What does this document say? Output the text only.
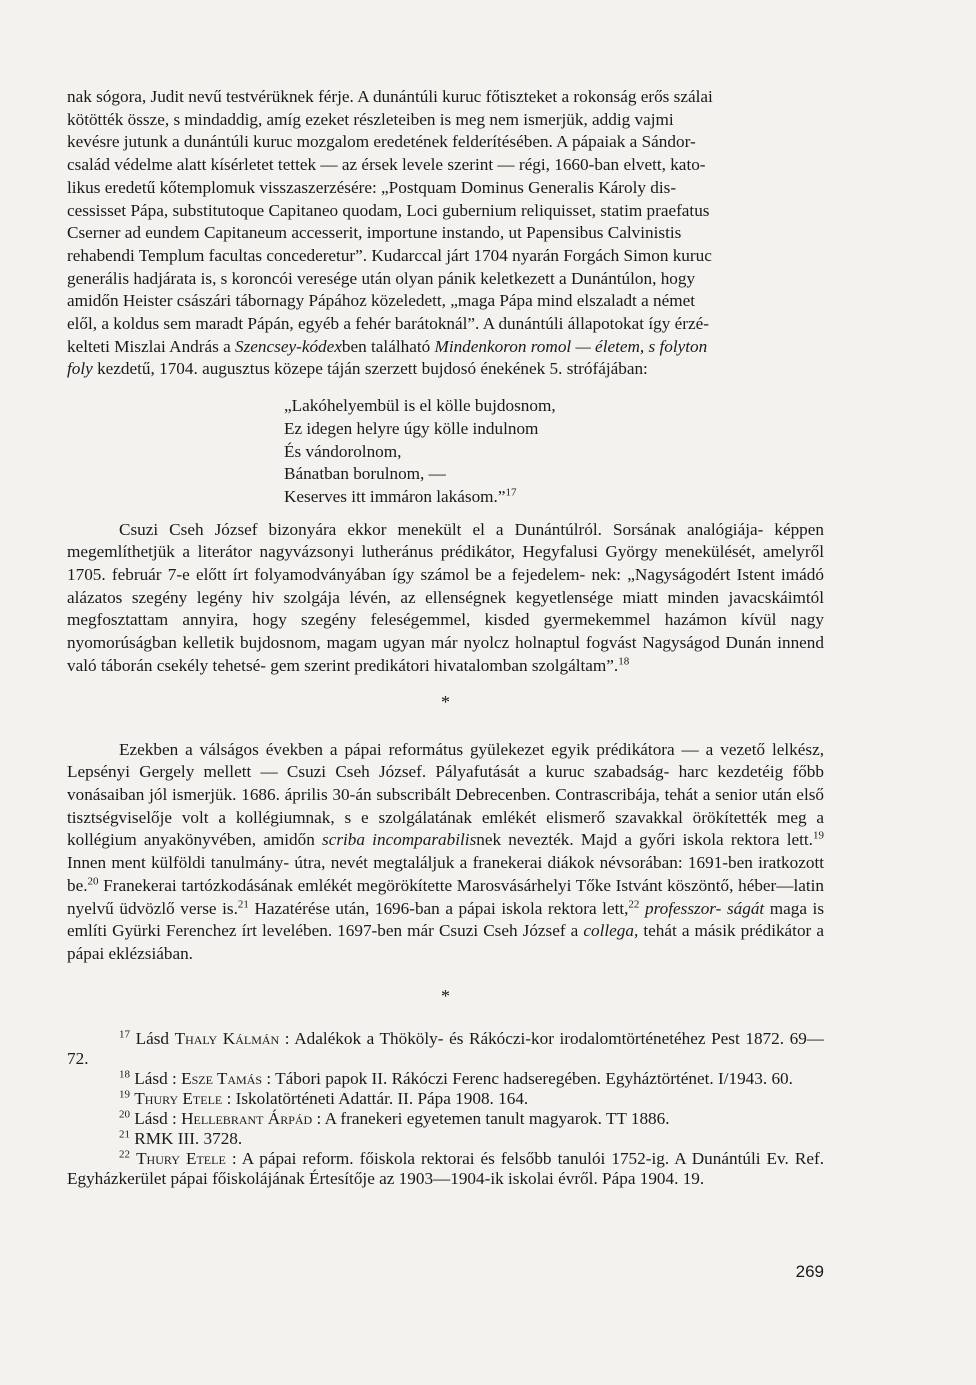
nak sógora, Judit nevű testvérüknek férje. A dunántúli kuruc főtiszteket a rokonság erős szálai
kötötték össze, s mindaddig, amíg ezeket részleteiben is meg nem ismerjük, addig vajmi
kevésre jutunk a dunántúli kuruc mozgalom eredetének felderítésében. A pápaiak a Sándor-
család védelme alatt kísérletet tettek — az érsek levele szerint — régi, 1660-ban elvett, kato-
likus eredetű kőtemplomuk visszaszerzésére: „Postquam Dominus Generalis Károly dis-
cessisset Pápa, substitutoque Capitaneo quodam, Loci gubernium reliquisset, statim praefatus
Cserner ad eundem Capitaneum accesserit, importune instando, ut Papensibus Calvinistis
rehabendi Templum facultas concederetur”. Kudarccal járt 1704 nyarán Forgách Simon kuruc
generális hadjárata is, s koroncói veresége után olyan pánik keletkezett a Dunántúlon, hogy
amidőn Heister császári tábornagy Pápához közeledett, „maga Pápa mind elszaladt a német
elől, a koldus sem maradt Pápán, egyéb a fehér barátoknál”. A dunántúli állapotokat így érzé-
kelteti Miszlai András a Szencsey-kódexben található Mindenkoron romol — életem, s folyton
foly kezdetű, 1704. augusztus közepe táján szerzett bujdosó énekének 5. strófájában:

„Lakóhelyembül is el kölle bujdosnom,
Ez idegen helyre úgy kölle indulnom
És vándorolnom,
Bánatban borulnom, —
Keserves itt immáron lakásom.”$^{17}$

Csuzi Cseh József bizonyára ekkor menekült el a Dunántúlról. Sorsának analógiája- képpen megemlíthetjük a literátor nagyvázsonyi lutheránus prédikátor, Hegyfalusi György menekülését, amelyről 1705. február 7-e előtt írt folyamodványában így számol be a fejedelem- nek: „Nagyságodért Istent imádó alázatos szegény legény hiv szolgája lévén, az ellenségnek kegyetlensége miatt minden javacskáimtól megfosztattam annyira, hogy szegény feleségemmel, kisded gyermekemmel hazámon kívül nagy nyomorúságban kelletik bujdosnom, magam ugyan már nyolcz holnaptul fogvást Nagyságod Dunán innend való táborán csekély tehetsé- gem szerint predikátori hivatalomban szolgáltam”.$^{18}$

*

Ezekben a válságos években a pápai református gyülekezet egyik prédikátora — a vezető lelkész, Lepsényi Gergely mellett — Csuzi Cseh József. Pályafutását a kuruc szabadság- harc kezdetéig főbb vonásaiban jól ismerjük. 1686. április 30-án subscribált Debrecenben. Contrascribája, tehát a senior után első tisztségviselője volt a kollégiumnak, s e szolgálatának emlékét elismerő szavakkal örökítették meg a kollégium anyakönyvében, amidőn scriba incomparabilisnek nevezték. Majd a győri iskola rektora lett.$^{19}$ Innen ment külföldi tanulmány- útra, nevét megtaláljuk a franekerai diákok névsorában: 1691-ben iratkozott be.$^{20}$ Franekerai tartózkodásának emlékét megörökítette Marosvásárhelyi Tőke Istvánt köszöntő, héber—latin nyelvű üdvözlő verse is.$^{21}$ Hazatérése után, 1696-ban a pápai iskola rektora lett,$^{22}$ professzor- ságát maga is említi Gyürki Ferenchez írt levelében. 1697-ben már Csuzi Cseh József a collega, tehát a másik prédikátor a pápai eklézsiában.

*

$^{17}$ Lásd Thaly Kálmán : Adalékok a Thököly- és Rákóczi-kor irodalomtörténetéhez Pest 1872. 69—72.

$^{18}$ Lásd : Esze Tamás : Tábori papok II. Rákóczi Ferenc hadseregében. Egyháztörténet. I/1943. 60.

$^{19}$ Thury Etele : Iskolatörténeti Adattár. II. Pápa 1908. 164.

$^{20}$ Lásd : Hellebrant Árpád : A franekeri egyetemen tanult magyarok. TT 1886.

$^{21}$ RMK III. 3728.

$^{22}$ Thury Etele : A pápai reform. főiskola rektorai és felsőbb tanulói 1752-ig. A Dunántúli Ev. Ref. Egyházkerület pápai főiskolájának Értesítője az 1903—1904-ik iskolai évről. Pápa 1904. 19.

269
